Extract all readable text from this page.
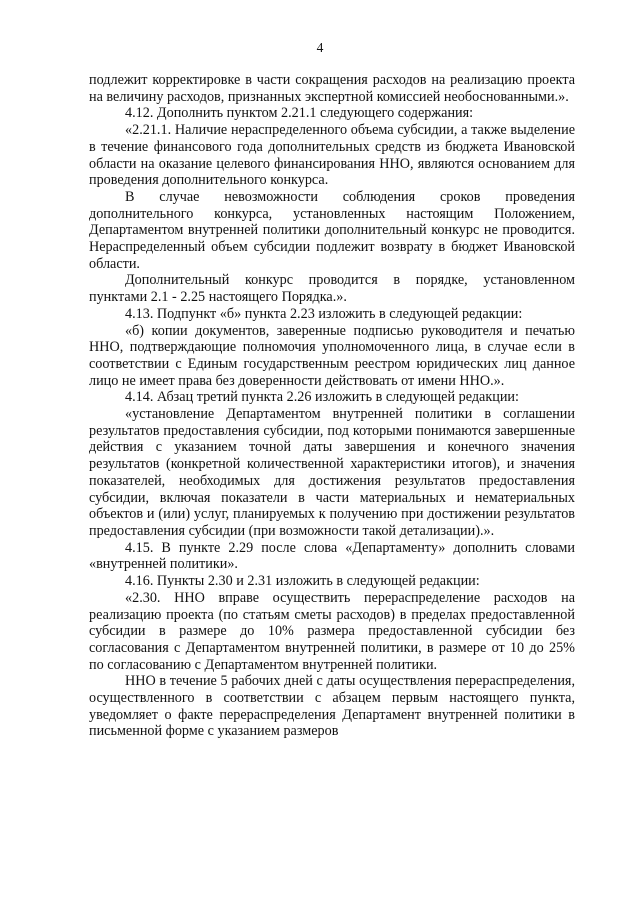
4

подлежит корректировке в части сокращения расходов на реализацию проекта на величину расходов, признанных экспертной комиссией необоснованными.».

4.12. Дополнить пунктом 2.21.1 следующего содержания:

«2.21.1. Наличие нераспределенного объема субсидии, а также выделение в течение финансового года дополнительных средств из бюджета Ивановской области на оказание целевого финансирования ННО, являются основанием для проведения дополнительного конкурса.

В случае невозможности соблюдения сроков проведения дополнительного конкурса, установленных настоящим Положением, Департаментом внутренней политики дополнительный конкурс не проводится. Нераспределенный объем субсидии подлежит возврату в бюджет Ивановской области.

Дополнительный конкурс проводится в порядке, установленном пунктами 2.1 - 2.25 настоящего Порядка.».

4.13. Подпункт «б» пункта 2.23 изложить в следующей редакции:

«б) копии документов, заверенные подписью руководителя и печатью ННО, подтверждающие полномочия уполномоченного лица, в случае если в соответствии с Единым государственным реестром юридических лиц данное лицо не имеет права без доверенности действовать от имени ННО.».

4.14. Абзац третий пункта 2.26 изложить в следующей редакции:

«установление Департаментом внутренней политики в соглашении результатов предоставления субсидии, под которыми понимаются завершенные действия с указанием точной даты завершения и конечного значения результатов (конкретной количественной характеристики итогов), и значения показателей, необходимых для достижения результатов предоставления субсидии, включая показатели в части материальных и нематериальных объектов и (или) услуг, планируемых к получению при достижении результатов предоставления субсидии (при возможности такой детализации).».

4.15. В пункте 2.29 после слова «Департаменту» дополнить словами «внутренней политики».

4.16. Пункты 2.30 и 2.31 изложить в следующей редакции:

«2.30. ННО вправе осуществить перераспределение расходов на реализацию проекта (по статьям сметы расходов) в пределах предоставленной субсидии в размере до 10% размера предоставленной субсидии без согласования с Департаментом внутренней политики, в размере от 10 до 25% по согласованию с Департаментом внутренней политики.

ННО в течение 5 рабочих дней с даты осуществления перераспределения, осуществленного в соответствии с абзацем первым настоящего пункта, уведомляет о факте перераспределения Департамент внутренней политики в письменной форме с указанием размеров
